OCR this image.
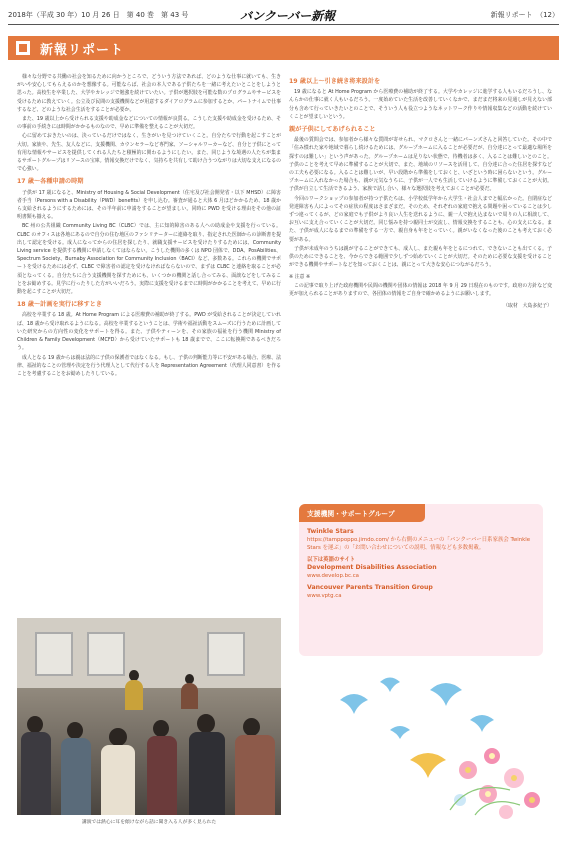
2018年（平成 30 年）10 月 26 日　第 40 巻　第 43 号	バンクーバー新報	新報リポート　（12）
新報リポート

様々な分野でる共働の社会を知るために向かうところで、どういう方法であれば、どのような仕事に就いても、生きがいや安心してもらえるのかを想像する。可能ならば、社会の本人である子供たちを一緒に考えたいとことをしようと思った。高校生を卒業した、大学やカレッジで勉強を続けていたい。子供が選択肢を可能な数のプログラムやサービスを受けるために教えていく。公立及び民間の支援機関などが用意するダイアログラムに参加するとか、パートナイムで仕事するなど、どのような社会生活をすることが必要か。

また、19 歳以上から受けられる支援や助成金などについての情報が良質る。こうした支援や助成金を受けるため、その事前の手続きには時間がかかるものなので、早めに準備を整えることが大切だ。

心に留めておきたいのは、決っているだけではなく、生きがいを見つけていくこと。自分たちで行動を起こすことが大切。家族や、先生、友人などに、支援機関、カウンセラーなど専門家、ソーシャルワーカーなど、自分と子供にとって有用な情報やサービスを提供してくれる人たちと積極的に関わるようにしたい。また、同じような境遇の人たちが集まるサポートグループはリソースの宝庫。情報交換だけでなく、気持ちを共有して助け合うつながりは大切な支えになるので心強い。

17 歳～各種申請の時期

子供が 17 歳になると、Ministry of Housing & Social Development（住宅及び社会開発省・以下 MHSD）に障害者手当（Persons with a Disability（PWD）benefits）を申し込む。審査が通ると大体 6 月ほどかかるため、18 歳から支給されるようにするためには、その半年前に申請をすることが望ましい。同時に PWD を受ける理由をその他の証明書類も揃える。

BC 州の公共組織 Community Living BC（CLBC）では、主に知的障害のある人への助成金や支援を行っている。CLBC のオフィスは各地にあるので自分の住む地区のファシリテーターに連絡を取り、指定された医師からの診断書を提出して認定を受ける。成人になってからの住居を探したり、就職支援サービスを受けたりするためには、Community Living service を提供する機関に申請しなくてはならない。こうした機関の多くは NPO 団体で、DDA、PosAbilities、Spectrum Society、Burnaby Association for Community Inclusion（BACI）など、多数ある。これらの機関でサポートを受けるためには必ず、CLBC で障害者の認定を受けなければならないので、まずは CLBC と連絡を取ることが必須となってくる。自分たちに合う支援機関を探すためにも、いくつかの機関と話し合ってみる、面談などをしてみることをお勧めする。見学に行ったりした方がいいだろう。実際に支援を受けるまでに時間がかかることを考えて、早めに行動を起こすことが大切だ。

18 歳～計画を実行に移すとき

高校を卒業する 18 歳。At Home Program による医療費の補助が終了する。PWD が受給されることが決定していれば、18 歳から受け取れるようになる。高校を卒業するということは、学術や福祉活動をスムーズに行うために計画していた研究からの方向性の変化をサポートを得る。また、子供やティーンを、その家族の福祉を行う機関 Ministry of Children & Family Development（MCFD）から受けていたサポートも 18 歳までで、ここに転換期であるべきだろう。

成人となる 19 歳からは親は法的に子供の保護者ではなくなる。もし、子供の判断能力等に不安がある場合、医療、法律、福祉的なことの管理や決定を行う代理人として代行する人を Representation Agreement（代理人同意書）を作ることを考慮することをお勧めしたりしている。

講演では熱心に耳を傾けながら話に聞き入る人が多く見られた
19 歳以上～引き続き将来設計を

19 歳になると At Home Program から医療費の補助が終了する。大学やカレッジに進学する人もいるだろうし、なんらかの仕事に就く人もいるだろう。一度始めていた生活を改善していくなかで、まだまだ将来の見通しが見えない部分も含めて行っていきたいとのことで、そういう人も役立つようなネットワーク作りや情報収集などの活動を続けていくことが望ましいという。

親が子供にしてあげられること

最後の質問会では、参加者から様々な質問が寄せられ、マクロさんと一緒にパーンズさんと回答していた。その中で「住み慣れた家や地域で暮らし続けるためには、グループホームに入ることが必要だが、自分達にとって最適な場所を探すのは難しい」という声があった。グループホームは足りない状態で、待機者は多く、入ることは難しいとのこと。子供のことを考えて早めに準備することが大切で、また、地域のリソースを活用して、自分達に合った住居を探すなどの工夫も必要になる。入ることは難しいが、早い段階から準備をしておくと、いざという時に困らないという。グループホームに入れなかった場合も、親が元気なうちに、子供が一人でも生活していけるように準備しておくことが大切。子供が自立して生活できるよう、家族で話し合い、様々な選択肢を考えておくことが必要だ。

今回のワークショップの参加者が持つ子供たちは、小学校低学年から大学生・社会人までと幅広かった。自閉症など発達障害も人によってその症状の程度はさまざまだ。そのため、それぞれの家庭で抱える問題や困っていることは少しずつ違ってくるが、どの家庭でも子供がより良い人生を送れるように、親一人で抱え込まないで周りの人に相談して、お互いに支え合っていくことが大切だ。同じ悩みを持つ親同士が交流し、情報交換をすることも、心の支えになる。また、子供が成人になるまでの準備をする一方で、親自身も年をとっていく。親がいなくなった後のことも考えておく必要がある。

子供が未成年のうちは親が守ることができても、成人し、また親も年をとるにつれて、できないことも出てくる。子供のためにできることを、今からできる範囲で少しずつ始めていくことが大切だ。そのために必要な支援を受けることができる機関やサポートなどを知っておくことは、親にとって大きな安心につながるだろう。

※ 注意 ※

この記事で取り上げた政府機関や民間の機関や団体の情報は 2018 年 9 月 29 日現在のものです。政府の方針など変更が加えられることがありますので、各団体の情報をご自身で確かめるようにお願いします。

（取材　大島多紀子）
支援機関・サポートグループ
Twinkle Stars
https://tamppoppo.jimdo.com/ から右側のメニューの「バンクーバー日系家族会 Twinkle Stars を運ぶ」の「お問い合わせについての説明、情報なども多数掲載。
以下は英語のサイト
Development Disabilities Association
www.develop.bc.ca
Vancouver Parents Transition Group
www.vptg.ca
